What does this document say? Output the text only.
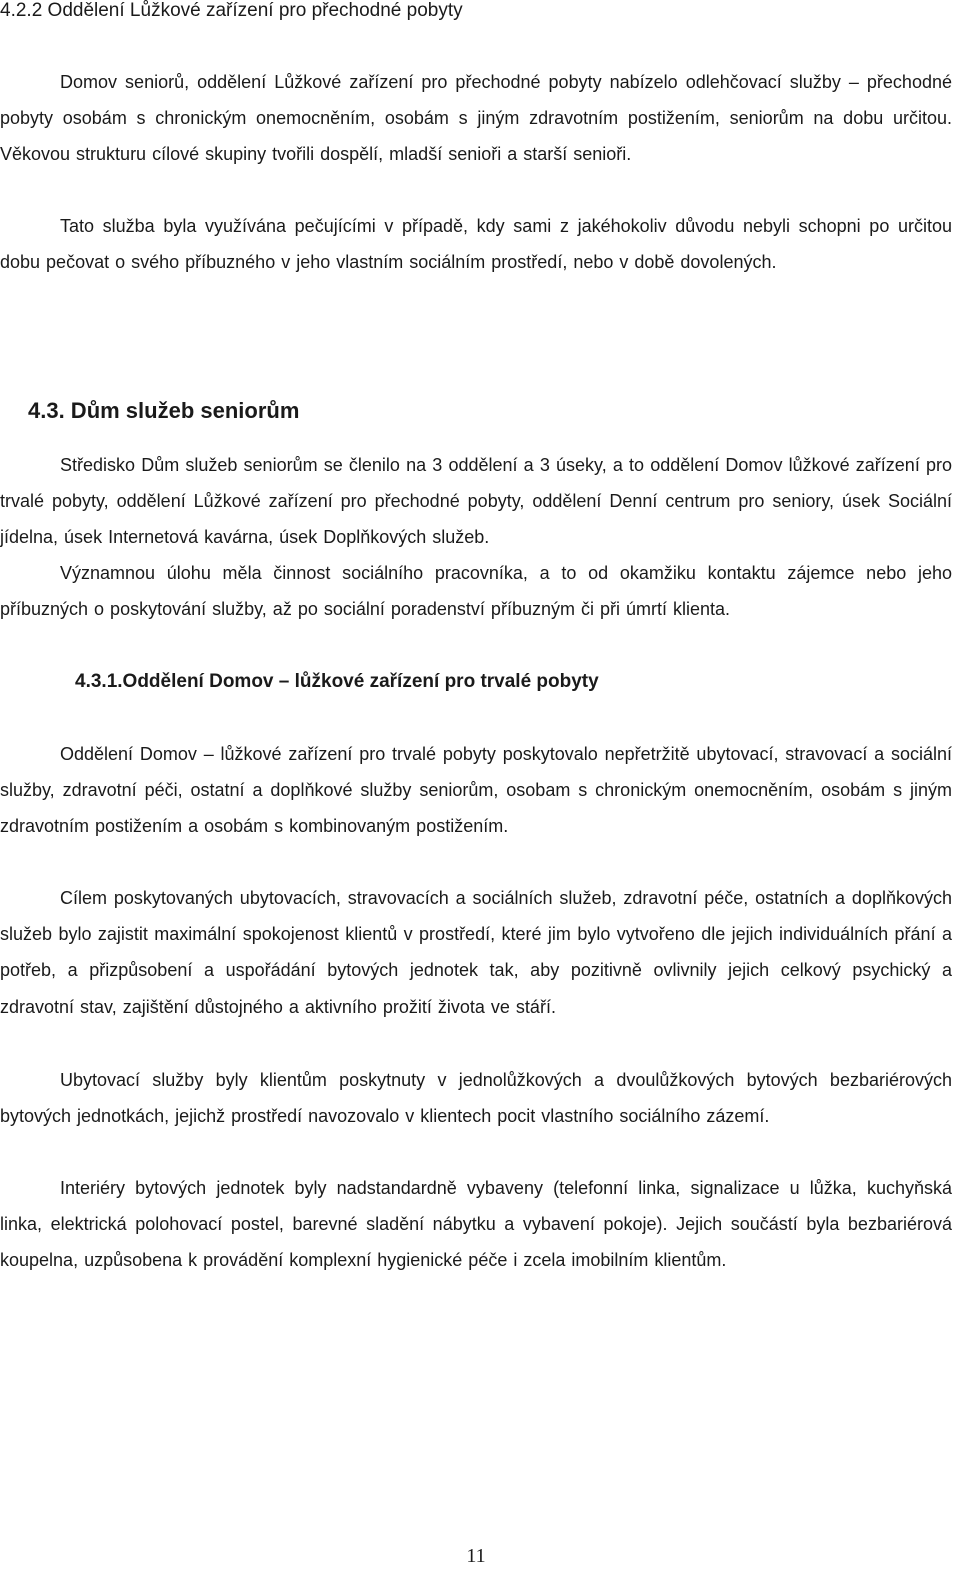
4.2.2 Oddělení Lůžkové zařízení pro přechodné pobyty

Domov seniorů, oddělení Lůžkové zařízení pro přechodné pobyty nabízelo odlehčovací služby – přechodné pobyty osobám s chronickým onemocněním, osobám s jiným zdravotním postižením, seniorům na dobu určitou. Věkovou strukturu cílové skupiny tvořili dospělí, mladší senioři a starší senioři.

Tato služba byla využívána pečujícími v případě, kdy sami z jakéhokoliv důvodu nebyli schopni po určitou dobu pečovat o svého příbuzného v jeho vlastním sociálním prostředí, nebo v době dovolených.

4.3. Dům služeb seniorům

Středisko Dům služeb seniorům se členilo na 3 oddělení a 3 úseky, a to oddělení Domov lůžkové zařízení pro trvalé pobyty, oddělení Lůžkové zařízení pro přechodné pobyty, oddělení Denní centrum pro seniory, úsek Sociální jídelna, úsek Internetová kavárna, úsek Doplňkových služeb.

Významnou úlohu měla činnost sociálního pracovníka, a to od okamžiku kontaktu zájemce nebo jeho příbuzných o poskytování služby, až po sociální poradenství příbuzným či při úmrtí klienta.

4.3.1.Oddělení Domov – lůžkové zařízení pro trvalé pobyty

Oddělení Domov – lůžkové zařízení pro trvalé pobyty poskytovalo nepřetržitě ubytovací, stravovací a sociální služby, zdravotní péči, ostatní a doplňkové služby seniorům, osobam s chronickým onemocněním, osobám s jiným zdravotním postižením a osobám s kombinovaným postižením.

Cílem poskytovaných ubytovacích, stravovacích a sociálních služeb, zdravotní péče, ostatních a doplňkových služeb bylo zajistit maximální spokojenost klientů v prostředí, které jim bylo vytvořeno dle jejich individuálních přání a potřeb, a přizpůsobení a uspořádání bytových jednotek tak, aby pozitivně ovlivnily jejich celkový psychický a zdravotní stav, zajištění důstojného a aktivního prožití života ve stáří.

Ubytovací služby byly klientům poskytnuty v jednolůžkových a dvoulůžkových bytových bezbariérových bytových jednotkách, jejichž prostředí navozovalo v klientech pocit vlastního sociálního zázemí.

Interiéry bytových jednotek byly nadstandardně vybaveny (telefonní linka, signalizace u lůžka, kuchyňská linka, elektrická polohovací postel, barevné sladění nábytku a vybavení pokoje). Jejich součástí byla bezbariérová koupelna, uzpůsobena k provádění komplexní hygienické péče i zcela imobilním klientům.

11
